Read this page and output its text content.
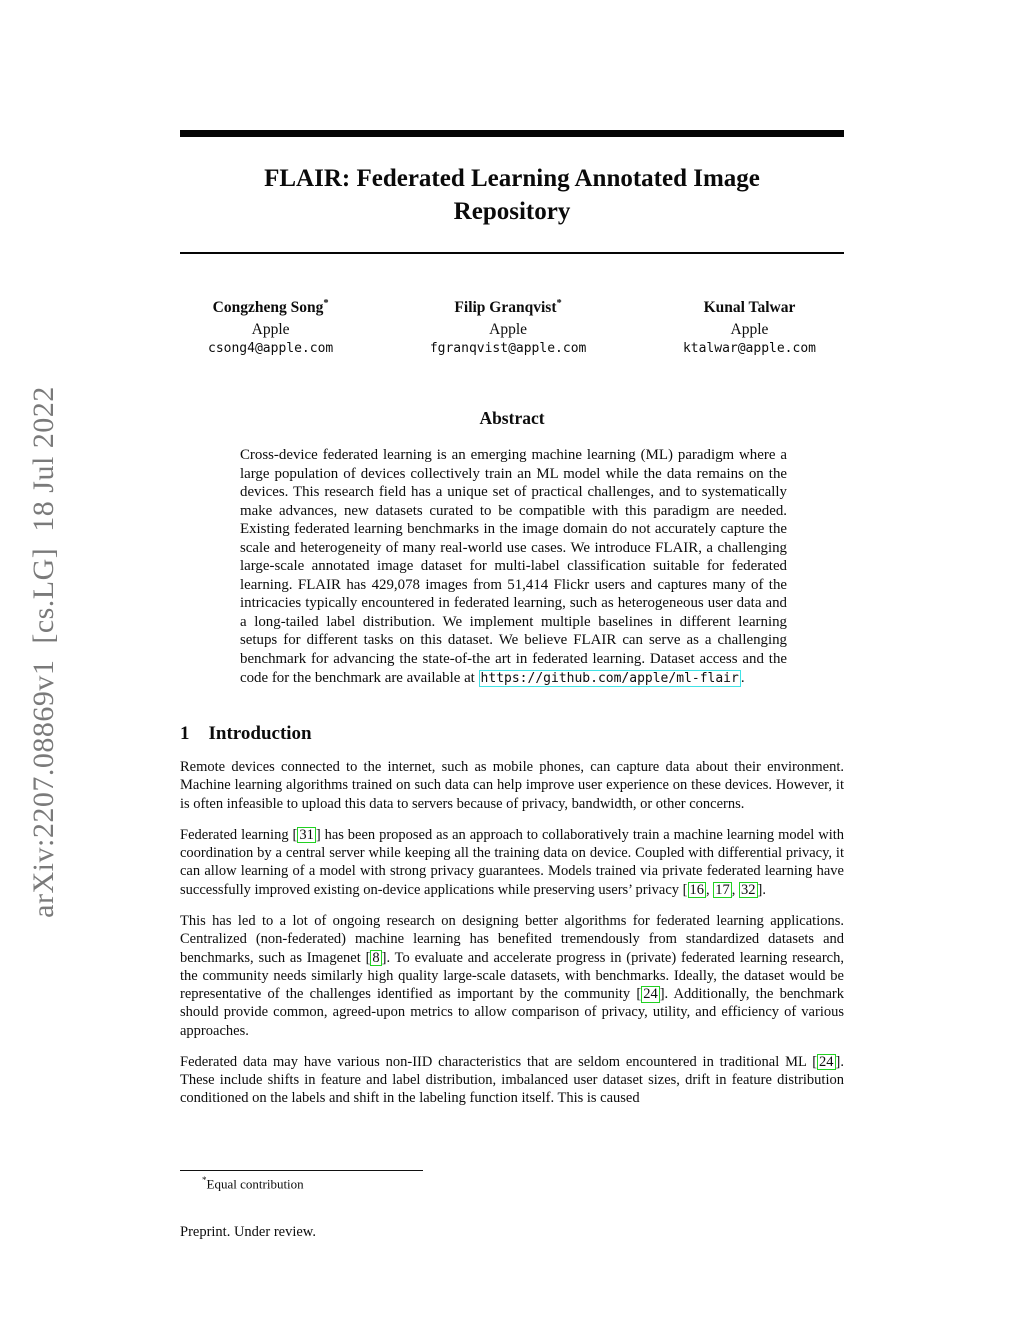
arXiv:2207.08869v1  [cs.LG]  18 Jul 2022
FLAIR: Federated Learning Annotated Image Repository
Congzheng Song*
Apple
csong4@apple.com
Filip Granqvist*
Apple
fgranqvist@apple.com
Kunal Talwar
Apple
ktalwar@apple.com
Abstract

Cross-device federated learning is an emerging machine learning (ML) paradigm where a large population of devices collectively train an ML model while the data remains on the devices. This research field has a unique set of practical challenges, and to systematically make advances, new datasets curated to be compatible with this paradigm are needed. Existing federated learning benchmarks in the image domain do not accurately capture the scale and heterogeneity of many real-world use cases. We introduce FLAIR, a challenging large-scale annotated image dataset for multi-label classification suitable for federated learning. FLAIR has 429,078 images from 51,414 Flickr users and captures many of the intricacies typically encountered in federated learning, such as heterogeneous user data and a long-tailed label distribution. We implement multiple baselines in different learning setups for different tasks on this dataset. We believe FLAIR can serve as a challenging benchmark for advancing the state-of-the art in federated learning. Dataset access and the code for the benchmark are available at https://github.com/apple/ml-flair .

1 Introduction

Remote devices connected to the internet, such as mobile phones, can capture data about their environment. Machine learning algorithms trained on such data can help improve user experience on these devices. However, it is often infeasible to upload this data to servers because of privacy, bandwidth, or other concerns.

Federated learning [ 31 ] has been proposed as an approach to collaboratively train a machine learning model with coordination by a central server while keeping all the training data on device. Coupled with differential privacy, it can allow learning of a model with strong privacy guarantees. Models trained via private federated learning have successfully improved existing on-device applications while preserving users’ privacy [ 16 , 17 , 32 ].

This has led to a lot of ongoing research on designing better algorithms for federated learning applications. Centralized (non-federated) machine learning has benefited tremendously from standardized datasets and benchmarks, such as Imagenet [ 8 ]. To evaluate and accelerate progress in (private) federated learning research, the community needs similarly high quality large-scale datasets, with benchmarks. Ideally, the dataset would be representative of the challenges identified as important by the community [ 24 ]. Additionally, the benchmark should provide common, agreed-upon metrics to allow comparison of privacy, utility, and efficiency of various approaches.

Federated data may have various non-IID characteristics that are seldom encountered in traditional ML [ 24 ]. These include shifts in feature and label distribution, imbalanced user dataset sizes, drift in feature distribution conditioned on the labels and shift in the labeling function itself. This is caused

*Equal contribution
Preprint. Under review.
